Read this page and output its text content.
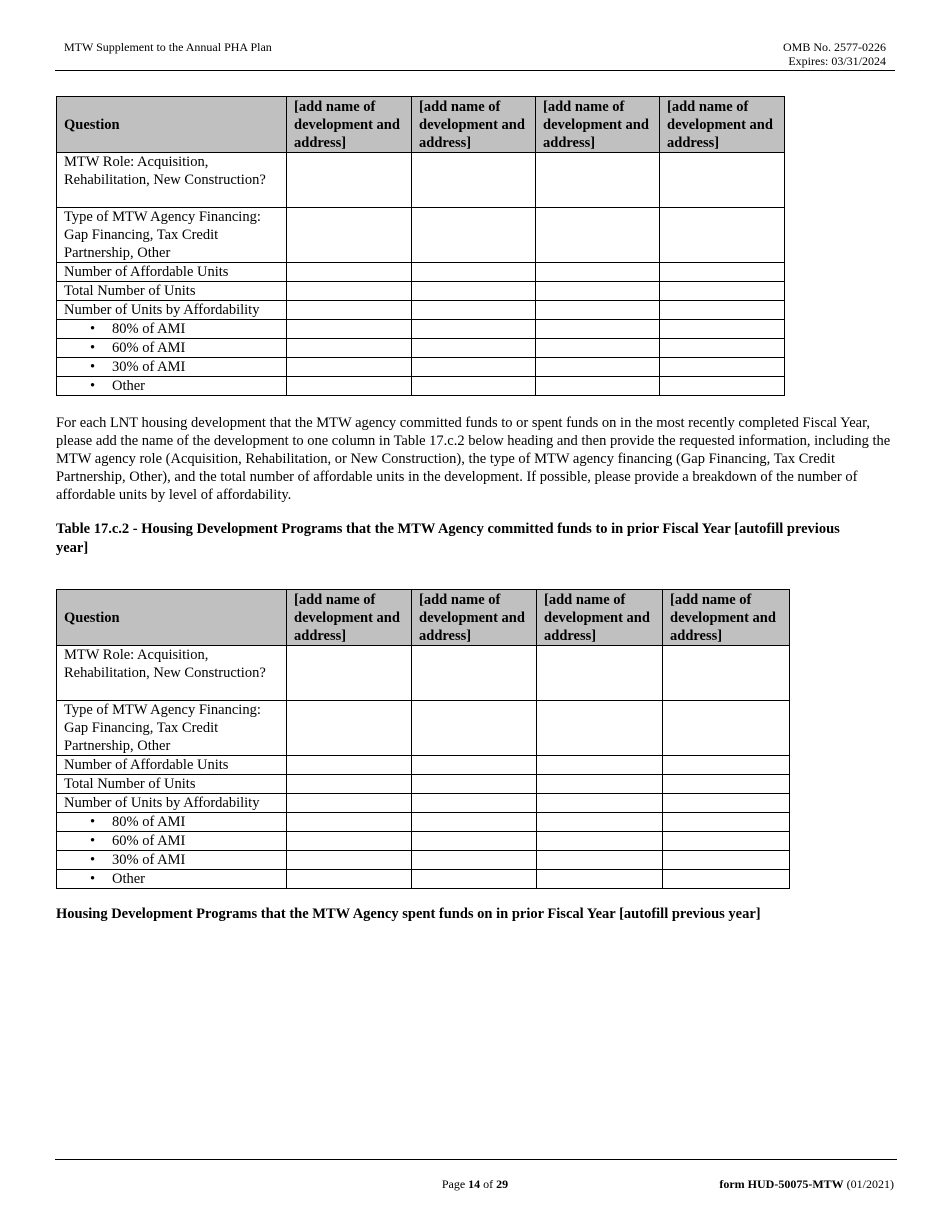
MTW Supplement to the Annual PHA Plan	OMB No. 2577-0226
Expires: 03/31/2024
Question	[add name of development and address]	[add name of development and address]	[add name of development and address]	[add name of development and address]
MTW Role: Acquisition, Rehabilitation, New Construction?				
Type of MTW Agency Financing: Gap Financing, Tax Credit Partnership, Other				
Number of Affordable Units				
Total Number of Units				
Number of Units by Affordability				
• 80% of AMI				
• 60% of AMI				
• 30% of AMI				
• Other				
For each LNT housing development that the MTW agency committed funds to or spent funds on in the most recently completed Fiscal Year, please add the name of the development to one column in Table 17.c.2 below heading and then provide the requested information, including the MTW agency role (Acquisition, Rehabilitation, or New Construction), the type of MTW agency financing (Gap Financing, Tax Credit Partnership, Other), and the total number of affordable units in the development. If possible, please provide a breakdown of the number of affordable units by level of affordability.
Table 17.c.2 - Housing Development Programs that the MTW Agency committed funds to in prior Fiscal Year [autofill previous year]
Question	[add name of development and address]	[add name of development and address]	[add name of development and address]	[add name of development and address]
MTW Role: Acquisition, Rehabilitation, New Construction?				
Type of MTW Agency Financing: Gap Financing, Tax Credit Partnership, Other				
Number of Affordable Units				
Total Number of Units				
Number of Units by Affordability				
• 80% of AMI				
• 60% of AMI				
• 30% of AMI				
• Other				
Housing Development Programs that the MTW Agency spent funds on in prior Fiscal Year [autofill previous year]
Page 14 of 29	form HUD-50075-MTW (01/2021)
